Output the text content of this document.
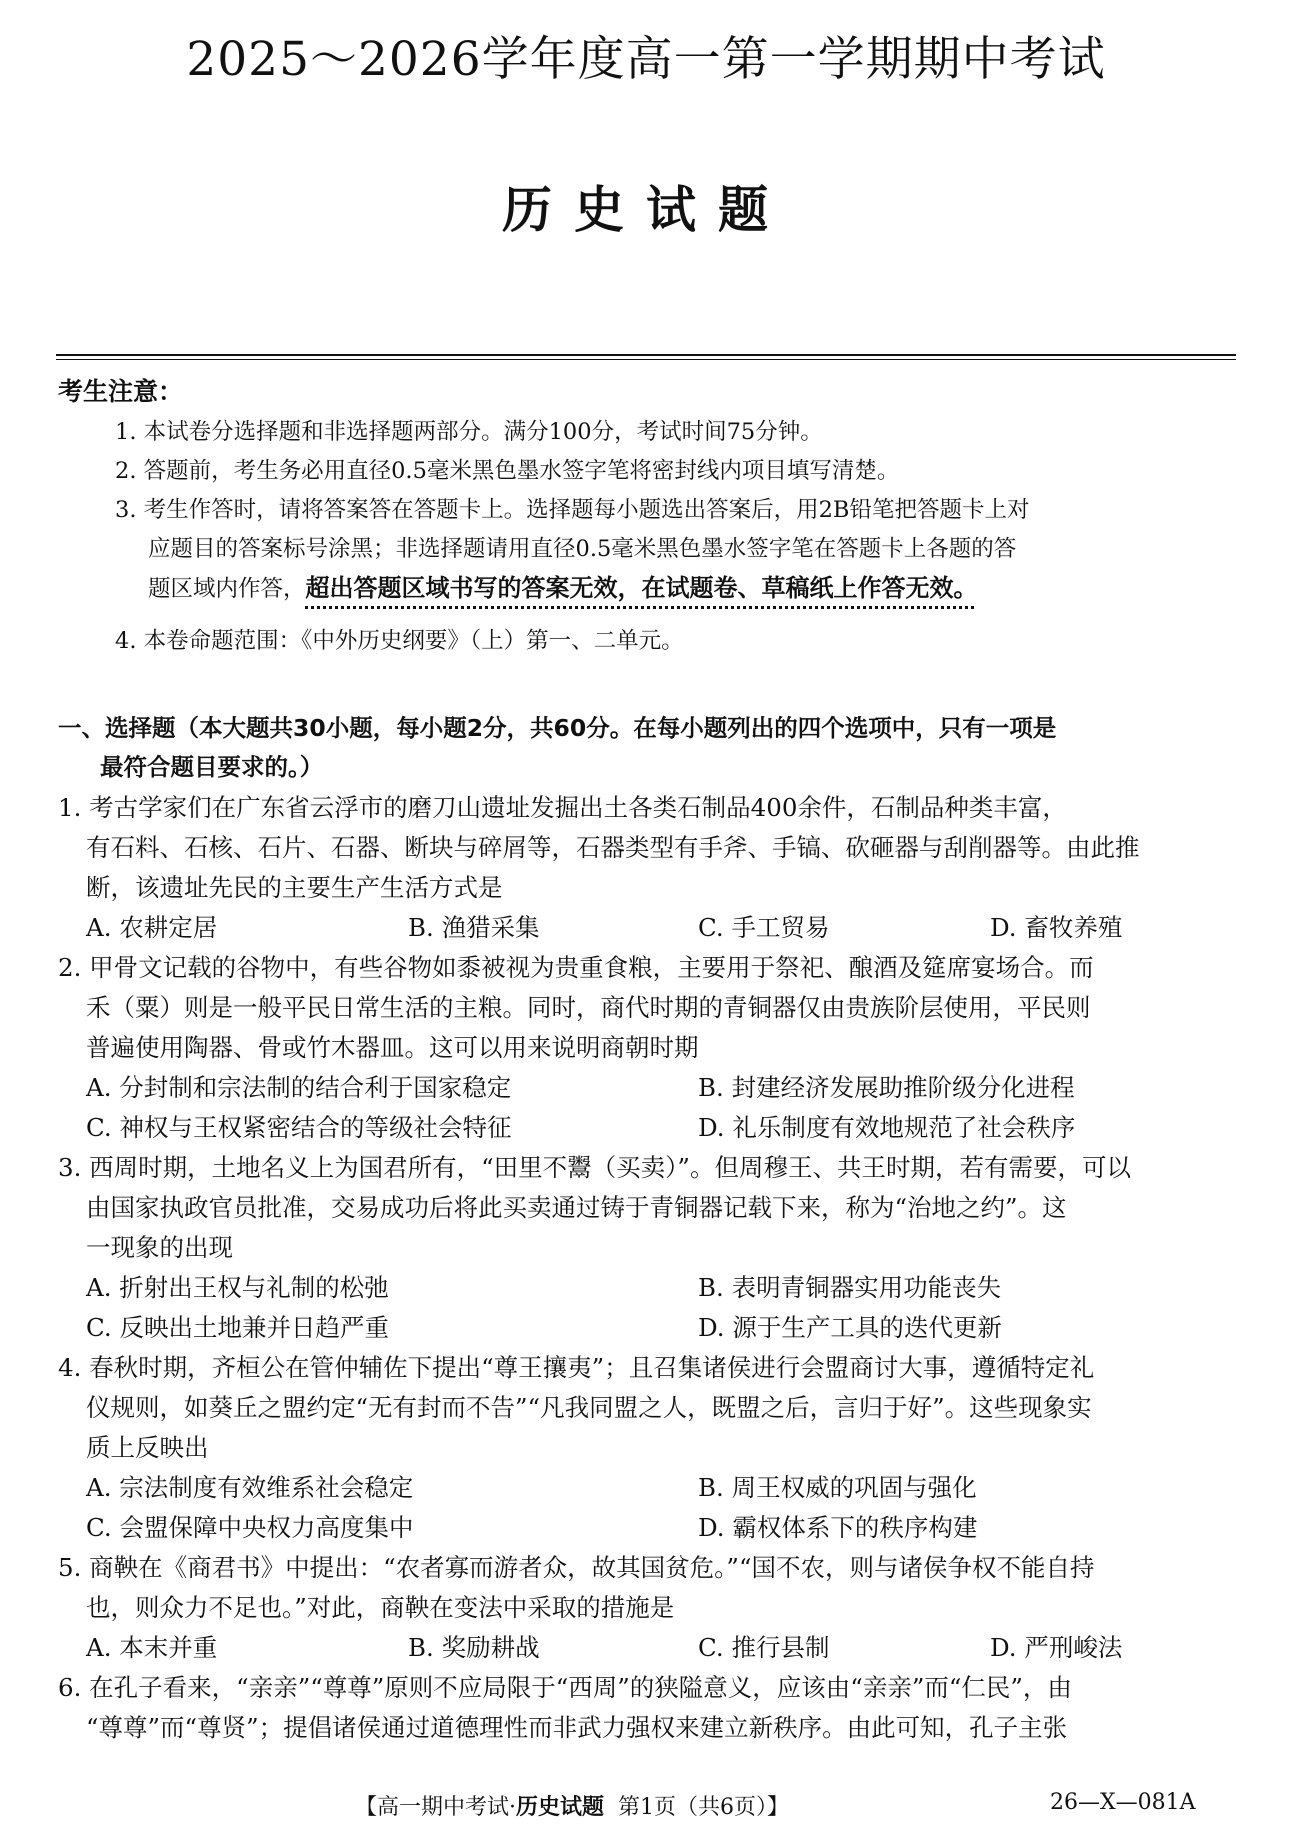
2025～2026学年度高一第一学期期中考试
历史试题
考生注意：
1. 本试卷分选择题和非选择题两部分。满分100分，考试时间75分钟。
2. 答题前，考生务必用直径0.5毫米黑色墨水签字笔将密封线内项目填写清楚。
3. 考生作答时，请将答案答在答题卡上。选择题每小题选出答案后，用2B铅笔把答题卡上对
应题目的答案标号涂黑；非选择题请用直径0.5毫米黑色墨水签字笔在答题卡上各题的答
题区域内作答，超出答题区域书写的答案无效，在试题卷、草稿纸上作答无效。
4. 本卷命题范围：《中外历史纲要》（上）第一、二单元。
一、选择题（本大题共30小题，每小题2分，共60分。在每小题列出的四个选项中，只有一项是
最符合题目要求的。）
1. 考古学家们在广东省云浮市的磨刀山遗址发掘出土各类石制品400余件，石制品种类丰富，
有石料、石核、石片、石器、断块与碎屑等，石器类型有手斧、手镐、砍砸器与刮削器等。由此推
断，该遗址先民的主要生产生活方式是
A. 农耕定居	B. 渔猎采集	C. 手工贸易	D. 畜牧养殖
2. 甲骨文记载的谷物中，有些谷物如黍被视为贵重食粮，主要用于祭祀、酿酒及筵席宴场合。而
禾（粟）则是一般平民日常生活的主粮。同时，商代时期的青铜器仅由贵族阶层使用，平民则
普遍使用陶器、骨或竹木器皿。这可以用来说明商朝时期
A. 分封制和宗法制的结合利于国家稳定	B. 封建经济发展助推阶级分化进程
C. 神权与王权紧密结合的等级社会特征	D. 礼乐制度有效地规范了社会秩序
3. 西周时期，土地名义上为国君所有，“田里不鬻（买卖）”。但周穆王、共王时期，若有需要，可以
由国家执政官员批准，交易成功后将此买卖通过铸于青铜器记载下来，称为“治地之约”。这
一现象的出现
A. 折射出王权与礼制的松弛	B. 表明青铜器实用功能丧失
C. 反映出土地兼并日趋严重	D. 源于生产工具的迭代更新
4. 春秋时期，齐桓公在管仲辅佐下提出“尊王攘夷”；且召集诸侯进行会盟商讨大事，遵循特定礼
仪规则，如葵丘之盟约定“无有封而不告”“凡我同盟之人，既盟之后，言归于好”。这些现象实
质上反映出
A. 宗法制度有效维系社会稳定	B. 周王权威的巩固与强化
C. 会盟保障中央权力高度集中	D. 霸权体系下的秩序构建
5. 商鞅在《商君书》中提出：“农者寡而游者众，故其国贫危。”“国不农，则与诸侯争权不能自持
也，则众力不足也。”对此，商鞅在变法中采取的措施是
A. 本末并重	B. 奖励耕战	C. 推行县制	D. 严刑峻法
6. 在孔子看来，“亲亲”“尊尊”原则不应局限于“西周”的狭隘意义，应该由“亲亲”而“仁民”，由
“尊尊”而“尊贤”；提倡诸侯通过道德理性而非武力强权来建立新秩序。由此可知，孔子主张
【高一期中考试·历史试题 第1页（共6页）】	26—X—081A
